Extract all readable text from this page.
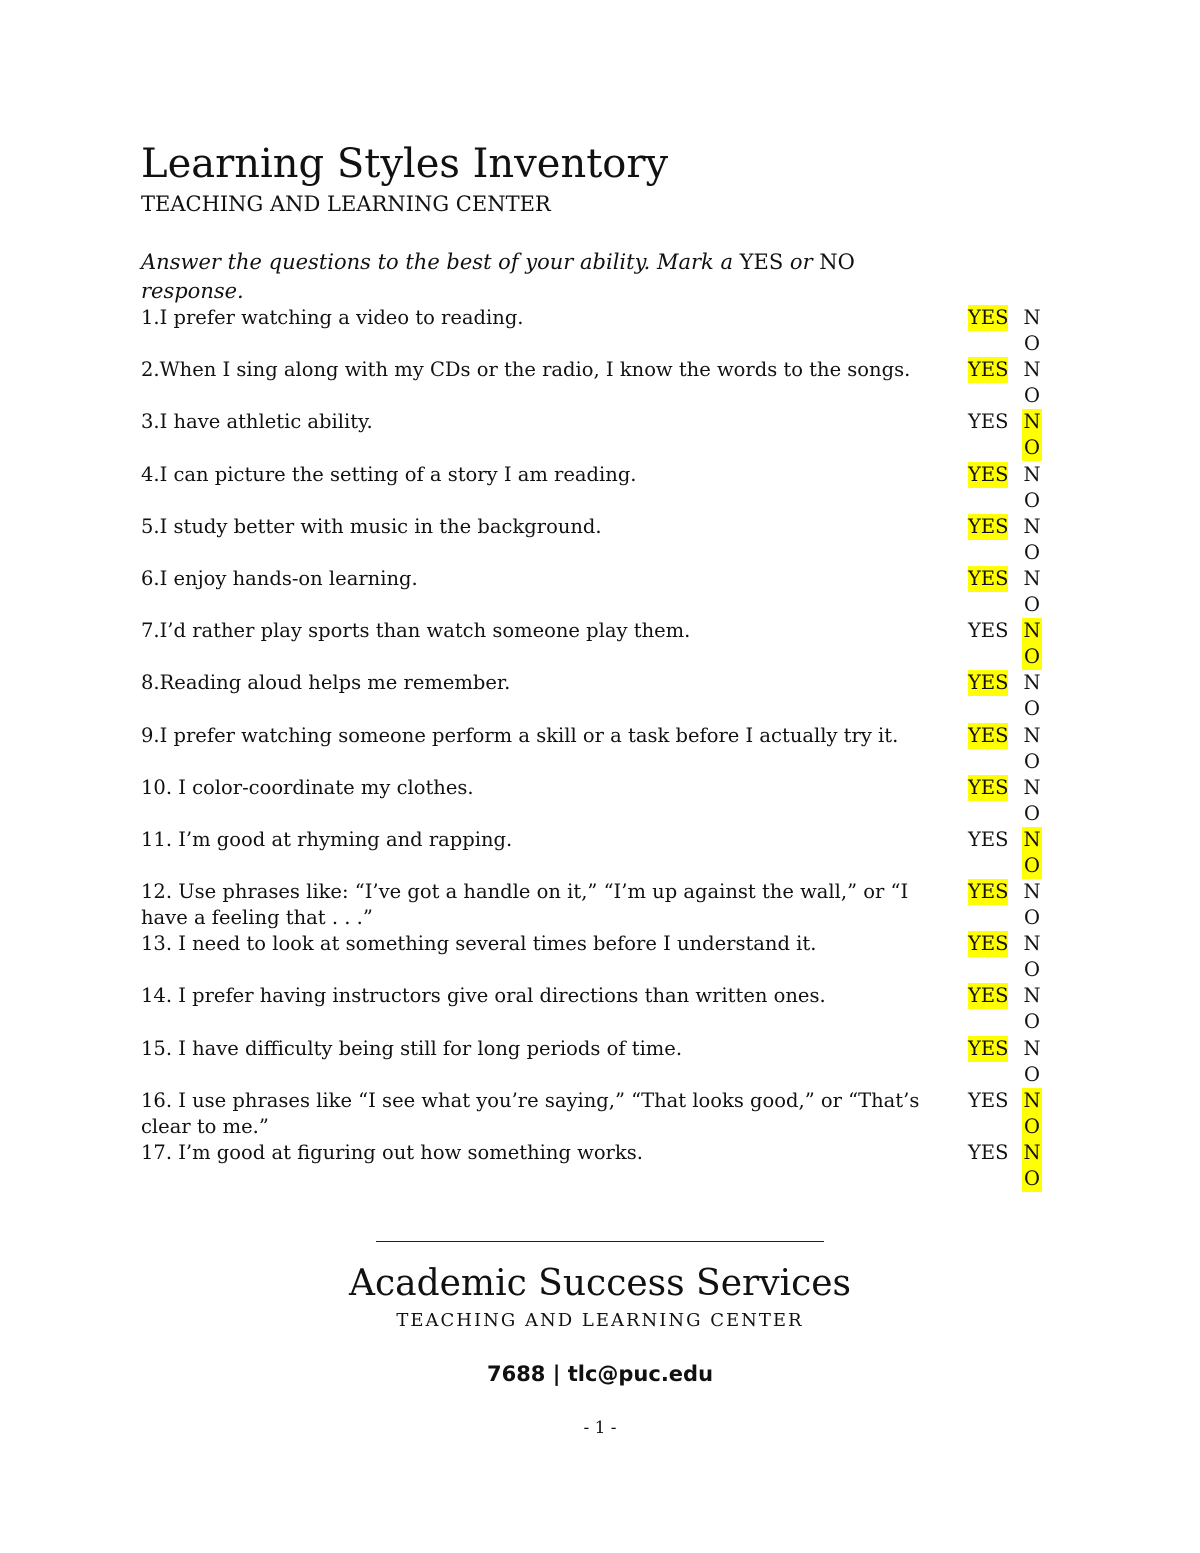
Learning Styles Inventory
TEACHING AND LEARNING CENTER
Answer the questions to the best of your ability. Mark a YES or NO response.
1.I prefer watching a video to reading.	YES N
O
2.When I sing along with my CDs or the radio, I know the words to the songs.	YES N
O
3.I have athletic ability.	YES N
O
4.I can picture the setting of a story I am reading.	YES N
O
5.I study better with music in the background.	YES N
O
6.I enjoy hands-on learning.	YES N
O
7.I’d rather play sports than watch someone play them.	YES N
O
8.Reading aloud helps me remember.	YES N
O
9.I prefer watching someone perform a skill or a task before I actually try it.	YES N
O
10. I color-coordinate my clothes.	YES N
O
11. I’m good at rhyming and rapping.	YES N
O
12. Use phrases like: “I’ve got a handle on it,” “I’m up against the wall,” or “I have a feeling that . . .”
YES N
O
13. I need to look at something several times before I understand it.	YES N
O
14. I prefer having instructors give oral directions than written ones.	YES N
O
15. I have difficulty being still for long periods of time.	YES N
O
16. I use phrases like “I see what you’re saying,” “That looks good,” or “That’s clear to me.”
YES N
O
17. I’m good at figuring out how something works.	YES N
O
Academic Success Services
TEACHING AND LEARNING CENTER
7688 | tlc@puc.edu
- 1 -
